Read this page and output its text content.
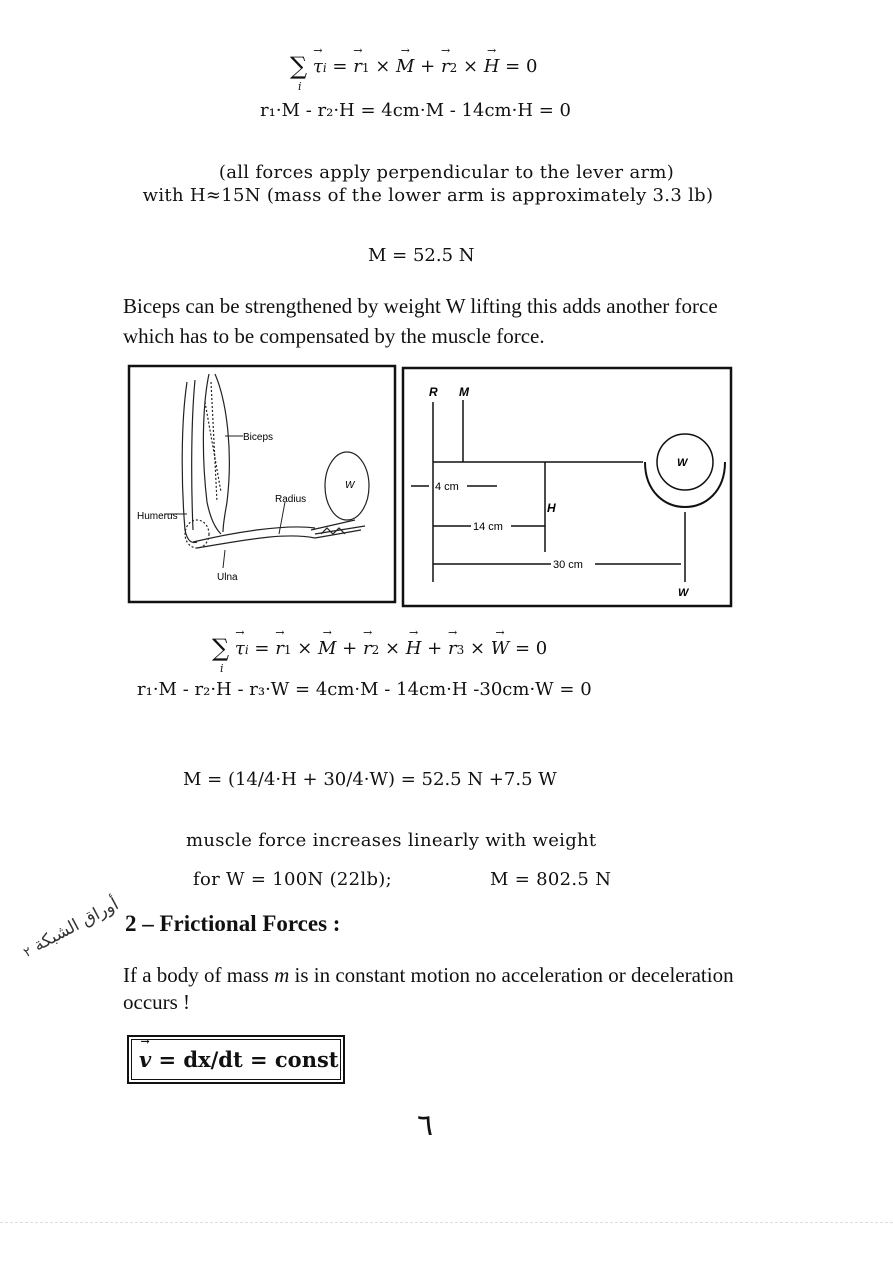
∑ → τi = → r1 × → M + → r2 × → H = 0
i
r₁·M - r₂·H = 4cm·M - 14cm·H = 0
(all forces apply perpendicular to the lever arm)
with H≈15N (mass of the lower arm is approximately 3.3 lb)
M = 52.5 N
Biceps can be strengthened by weight W lifting this adds another force
which has to be compensated by the muscle force.
Biceps
Radius
Humerus
Ulna
W
R M
W
H
W
4 cm
14 cm
30 cm
∑ → τi = → r1 × → M + → r2 × → H + → r3 × → W = 0
i
r₁·M - r₂·H - r₃·W = 4cm·M - 14cm·H -30cm·W = 0
M = (14/4·H + 30/4·W) = 52.5 N +7.5 W
muscle force increases linearly with weight
for W = 100N (22lb);	M = 802.5 N
أوراق الشبكة ٢
2 – Frictional Forces :
If a body of mass m is in constant motion no acceleration or deceleration
occurs !
→ v = dx/dt = const
٦
